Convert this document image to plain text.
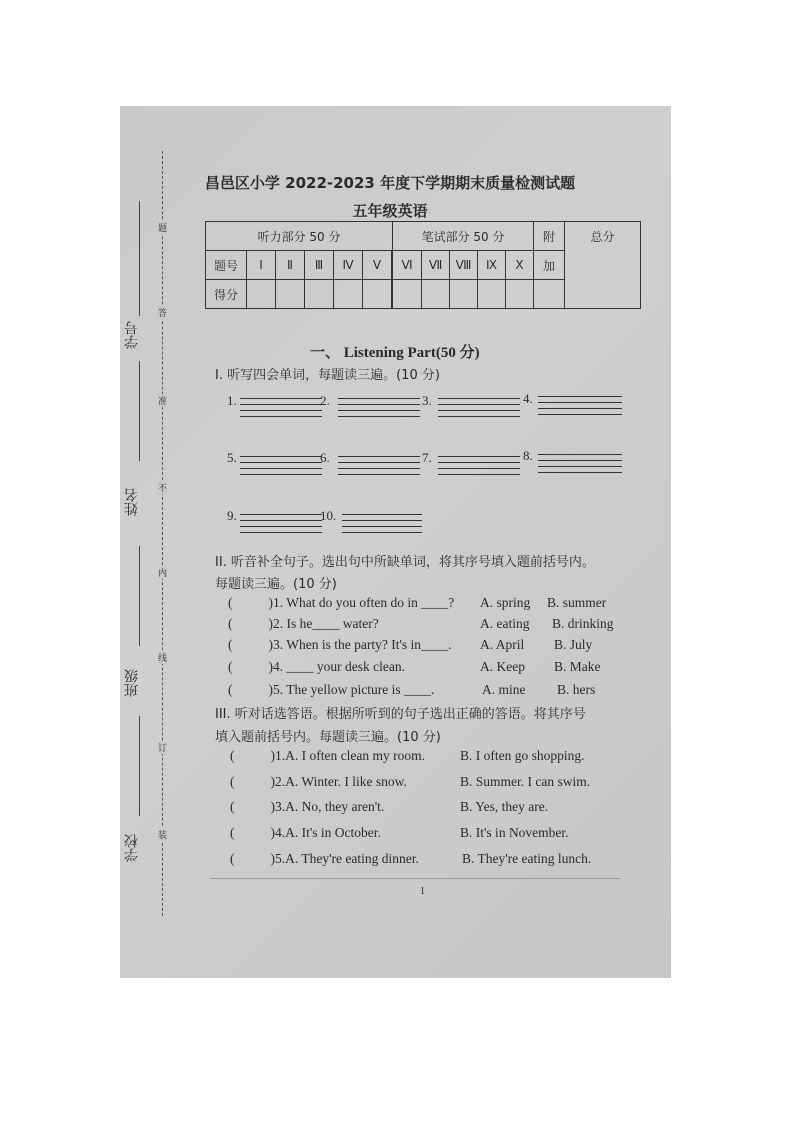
题
答
准
不
内
线
订
装
学号
姓名
班级
学校
昌邑区小学 2022-2023 年度下学期期末质量检测试题
五年级英语
听力部分 50 分						笔试部分 50 分					附	总分
题号	Ⅰ	Ⅱ	Ⅲ	Ⅳ	Ⅴ		Ⅵ	Ⅶ	Ⅷ	Ⅸ	Ⅹ	加	
得分												
一、 Listening Part(50 分)
Ⅰ. 听写四会单词，每题读三遍。(10 分)
1.	2.	3.	4.
5.	6.	7.	8.
9.	10.
II. 听音补全句子。选出句中所缺单词，将其序号填入题前括号内。
每题读三遍。(10 分)
(	)1. What do you often do in ____? A. spring B. summer
(	)2. Is he____ water?	A. eating B. drinking
(	)3. When is the party? It's in____. A. April B. July
(	)4. ____ your desk clean.	A. Keep B. Make
(	)5. The yellow picture is ____.	A. mine B. hers
III. 听对话选答语。根据所听到的句子选出正确的答语。将其序号
填入题前括号内。每题读三遍。(10 分)
(	)1.A. I often clean my room.	B. I often go shopping.
(	)2.A. Winter. I like snow.	B. Summer. I can swim.
(	)3.A. No, they aren't.	B. Yes, they are.
(	)4.A. It's in October.	B. It's in November.
(	)5.A. They're eating dinner.	B. They're eating lunch.
1
